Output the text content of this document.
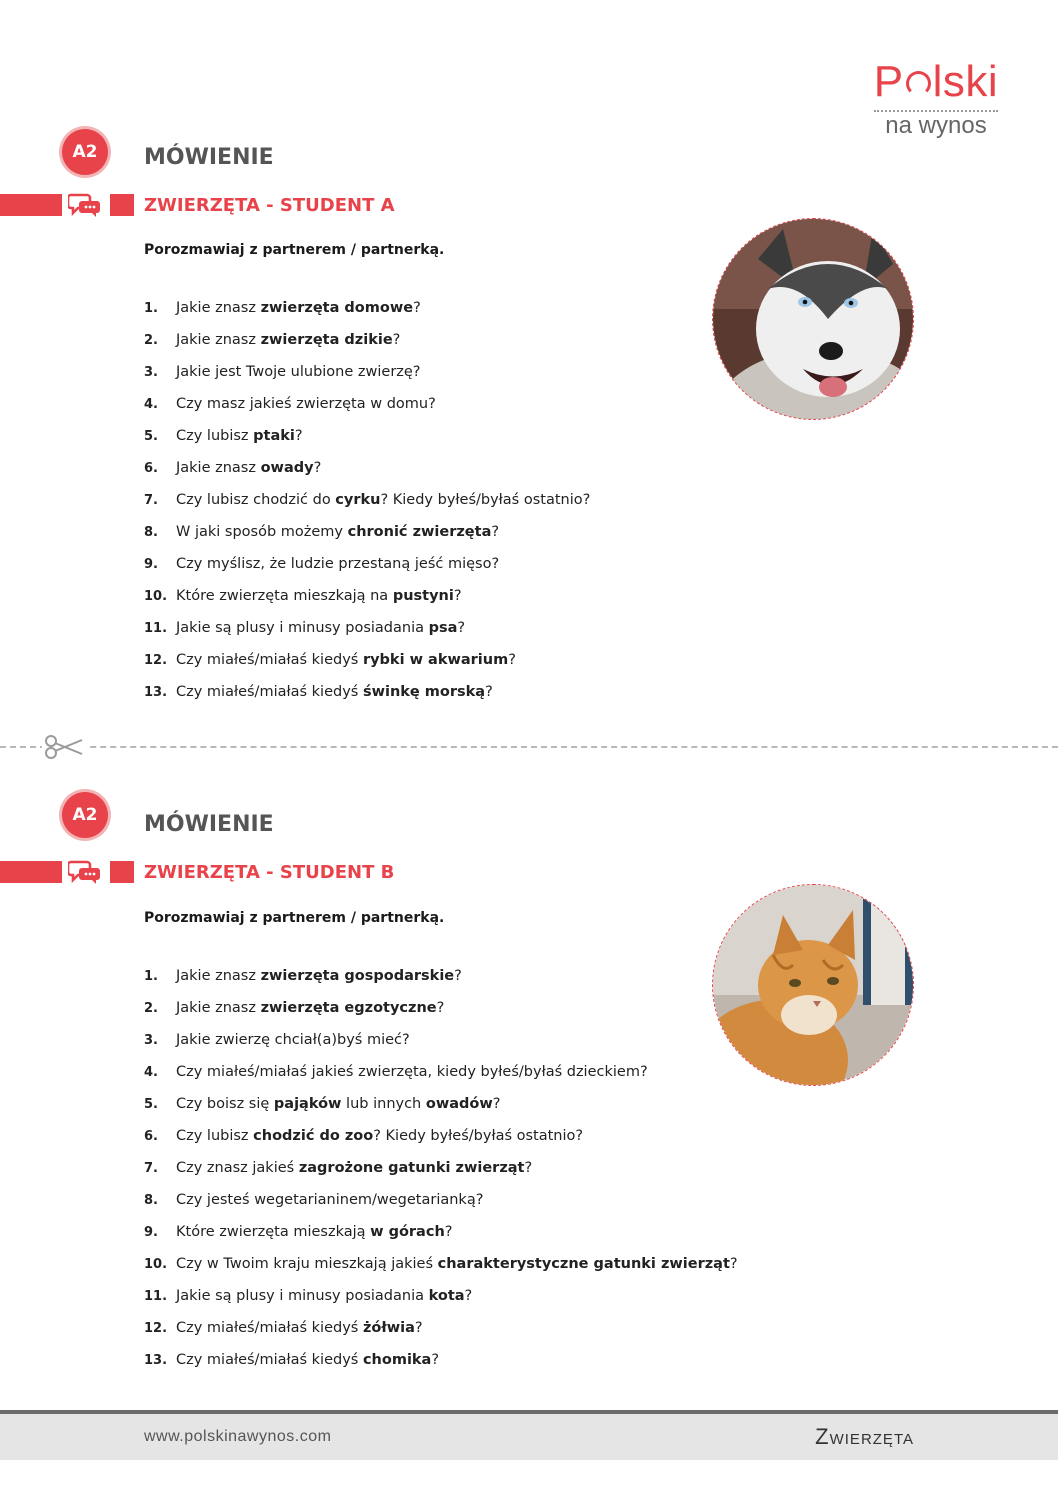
P lski
na wynos
A2	MÓWIENIE
ZWIERZĘTA - STUDENT A
Porozmawiaj z partnerem / partnerką.
1. Jakie znasz zwierzęta domowe?
2. Jakie znasz zwierzęta dzikie?
3. Jakie jest Twoje ulubione zwierzę?
4. Czy masz jakieś zwierzęta w domu?
5. Czy lubisz ptaki?
6. Jakie znasz owady?
7. Czy lubisz chodzić do cyrku? Kiedy byłeś/byłaś ostatnio?
8. W jaki sposób możemy chronić zwierzęta?
9. Czy myślisz, że ludzie przestaną jeść mięso?
10. Które zwierzęta mieszkają na pustyni?
11. Jakie są plusy i minusy posiadania psa?
12. Czy miałeś/miałaś kiedyś rybki w akwarium?
13. Czy miałeś/miałaś kiedyś świnkę morską?
A2	MÓWIENIE
ZWIERZĘTA - STUDENT B
Porozmawiaj z partnerem / partnerką.
1. Jakie znasz zwierzęta gospodarskie?
2. Jakie znasz zwierzęta egzotyczne?
3. Jakie zwierzę chciał(a)byś mieć?
4. Czy miałeś/miałaś jakieś zwierzęta, kiedy byłeś/byłaś dzieckiem?
5. Czy boisz się pająków lub innych owadów?
6. Czy lubisz chodzić do zoo? Kiedy byłeś/byłaś ostatnio?
7. Czy znasz jakieś zagrożone gatunki zwierząt?
8. Czy jesteś wegetarianinem/wegetarianką?
9. Które zwierzęta mieszkają w górach?
10. Czy w Twoim kraju mieszkają jakieś charakterystyczne gatunki zwierząt?
11. Jakie są plusy i minusy posiadania kota?
12. Czy miałeś/miałaś kiedyś żółwia?
13. Czy miałeś/miałaś kiedyś chomika?
www.polskinawynos.com	Zwierzęta
